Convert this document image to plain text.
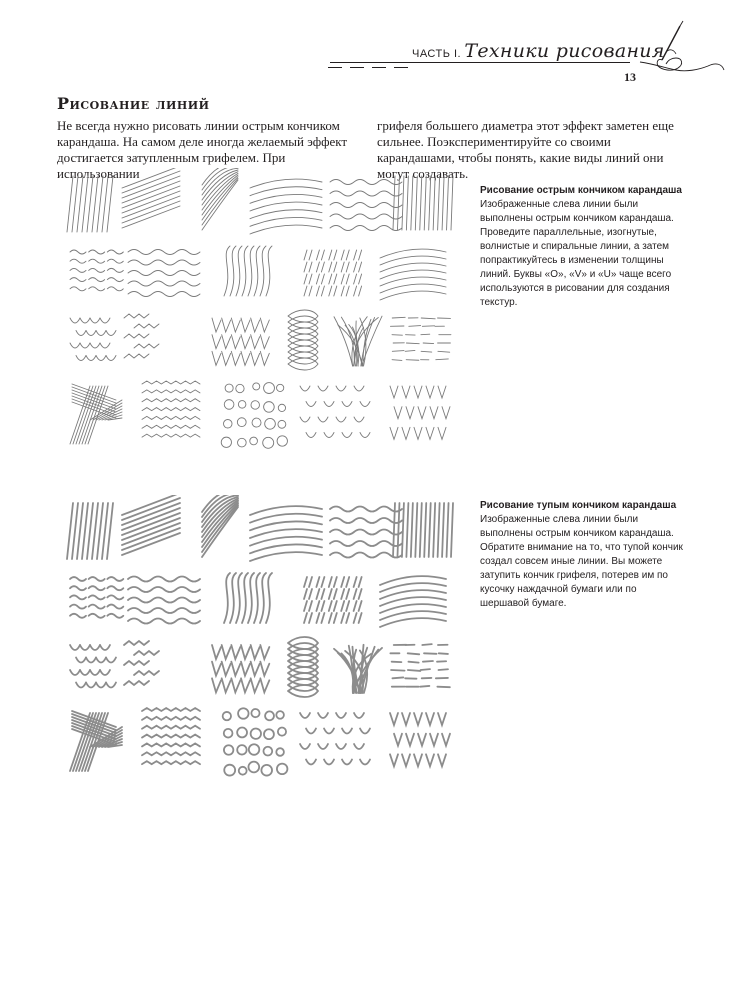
ЧАСТЬ I. Техники рисования
13
Рисование линий

Не всегда нужно рисовать линии острым кончиком карандаша. На самом деле иногда желаемый эффект достигается затупленным грифелем. При использовании

грифеля большего диаметра этот эффект заметен еще сильнее. Поэкспериментируйте со своими карандашами, чтобы понять, какие виды линий они могут создавать.

Рисование острым кончиком карандаша

Изображенные слева линии были выполнены острым кончиком карандаша. Проведите параллельные, изогнутые, волнистые и спиральные линии, а затем попрактикуйтесь в изменении толщины линий. Буквы «O», «V» и «U» чаще всего используются в рисовании для создания текстур.

Рисование тупым кончиком карандаша

Изображенные слева линии были выполнены острым кончиком карандаша. Обратите внимание на то, что тупой кончик создал совсем иные линии. Вы можете затупить кончик грифеля, потерев им по кусочку наждачной бумаги или по шершавой бумаге.
